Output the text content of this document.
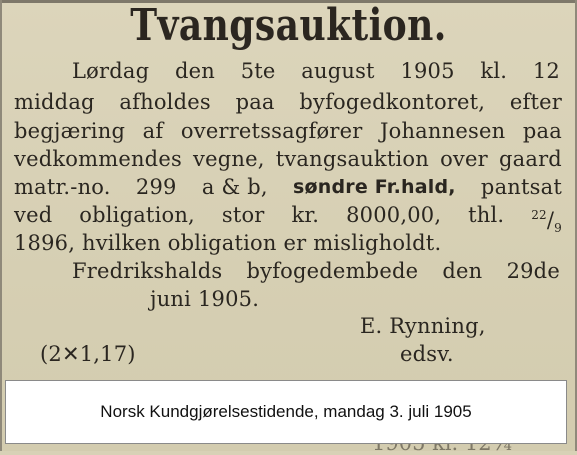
Tvangsauktion.
Lørdag den 5te august 1905 kl. 12
middag afholdes paa byfogedkontoret, efter
begjæring af overretssagfører Johannesen paa
vedkommendes vegne, tvangsauktion over gaard
matr.-no. 299 a & b, søndre Fr.hald, pantsat
ved obligation, stor kr. 8000,00, thl. $^{22}/_9$
1896, hvilken obligation er misligholdt.
Fredrikshalds byfogedembede den 29de
juni 1905.
E. Rynning,
(2✕1,17)	edsv.
Norsk Kundgjørelsestidende, mandag 3. juli 1905
